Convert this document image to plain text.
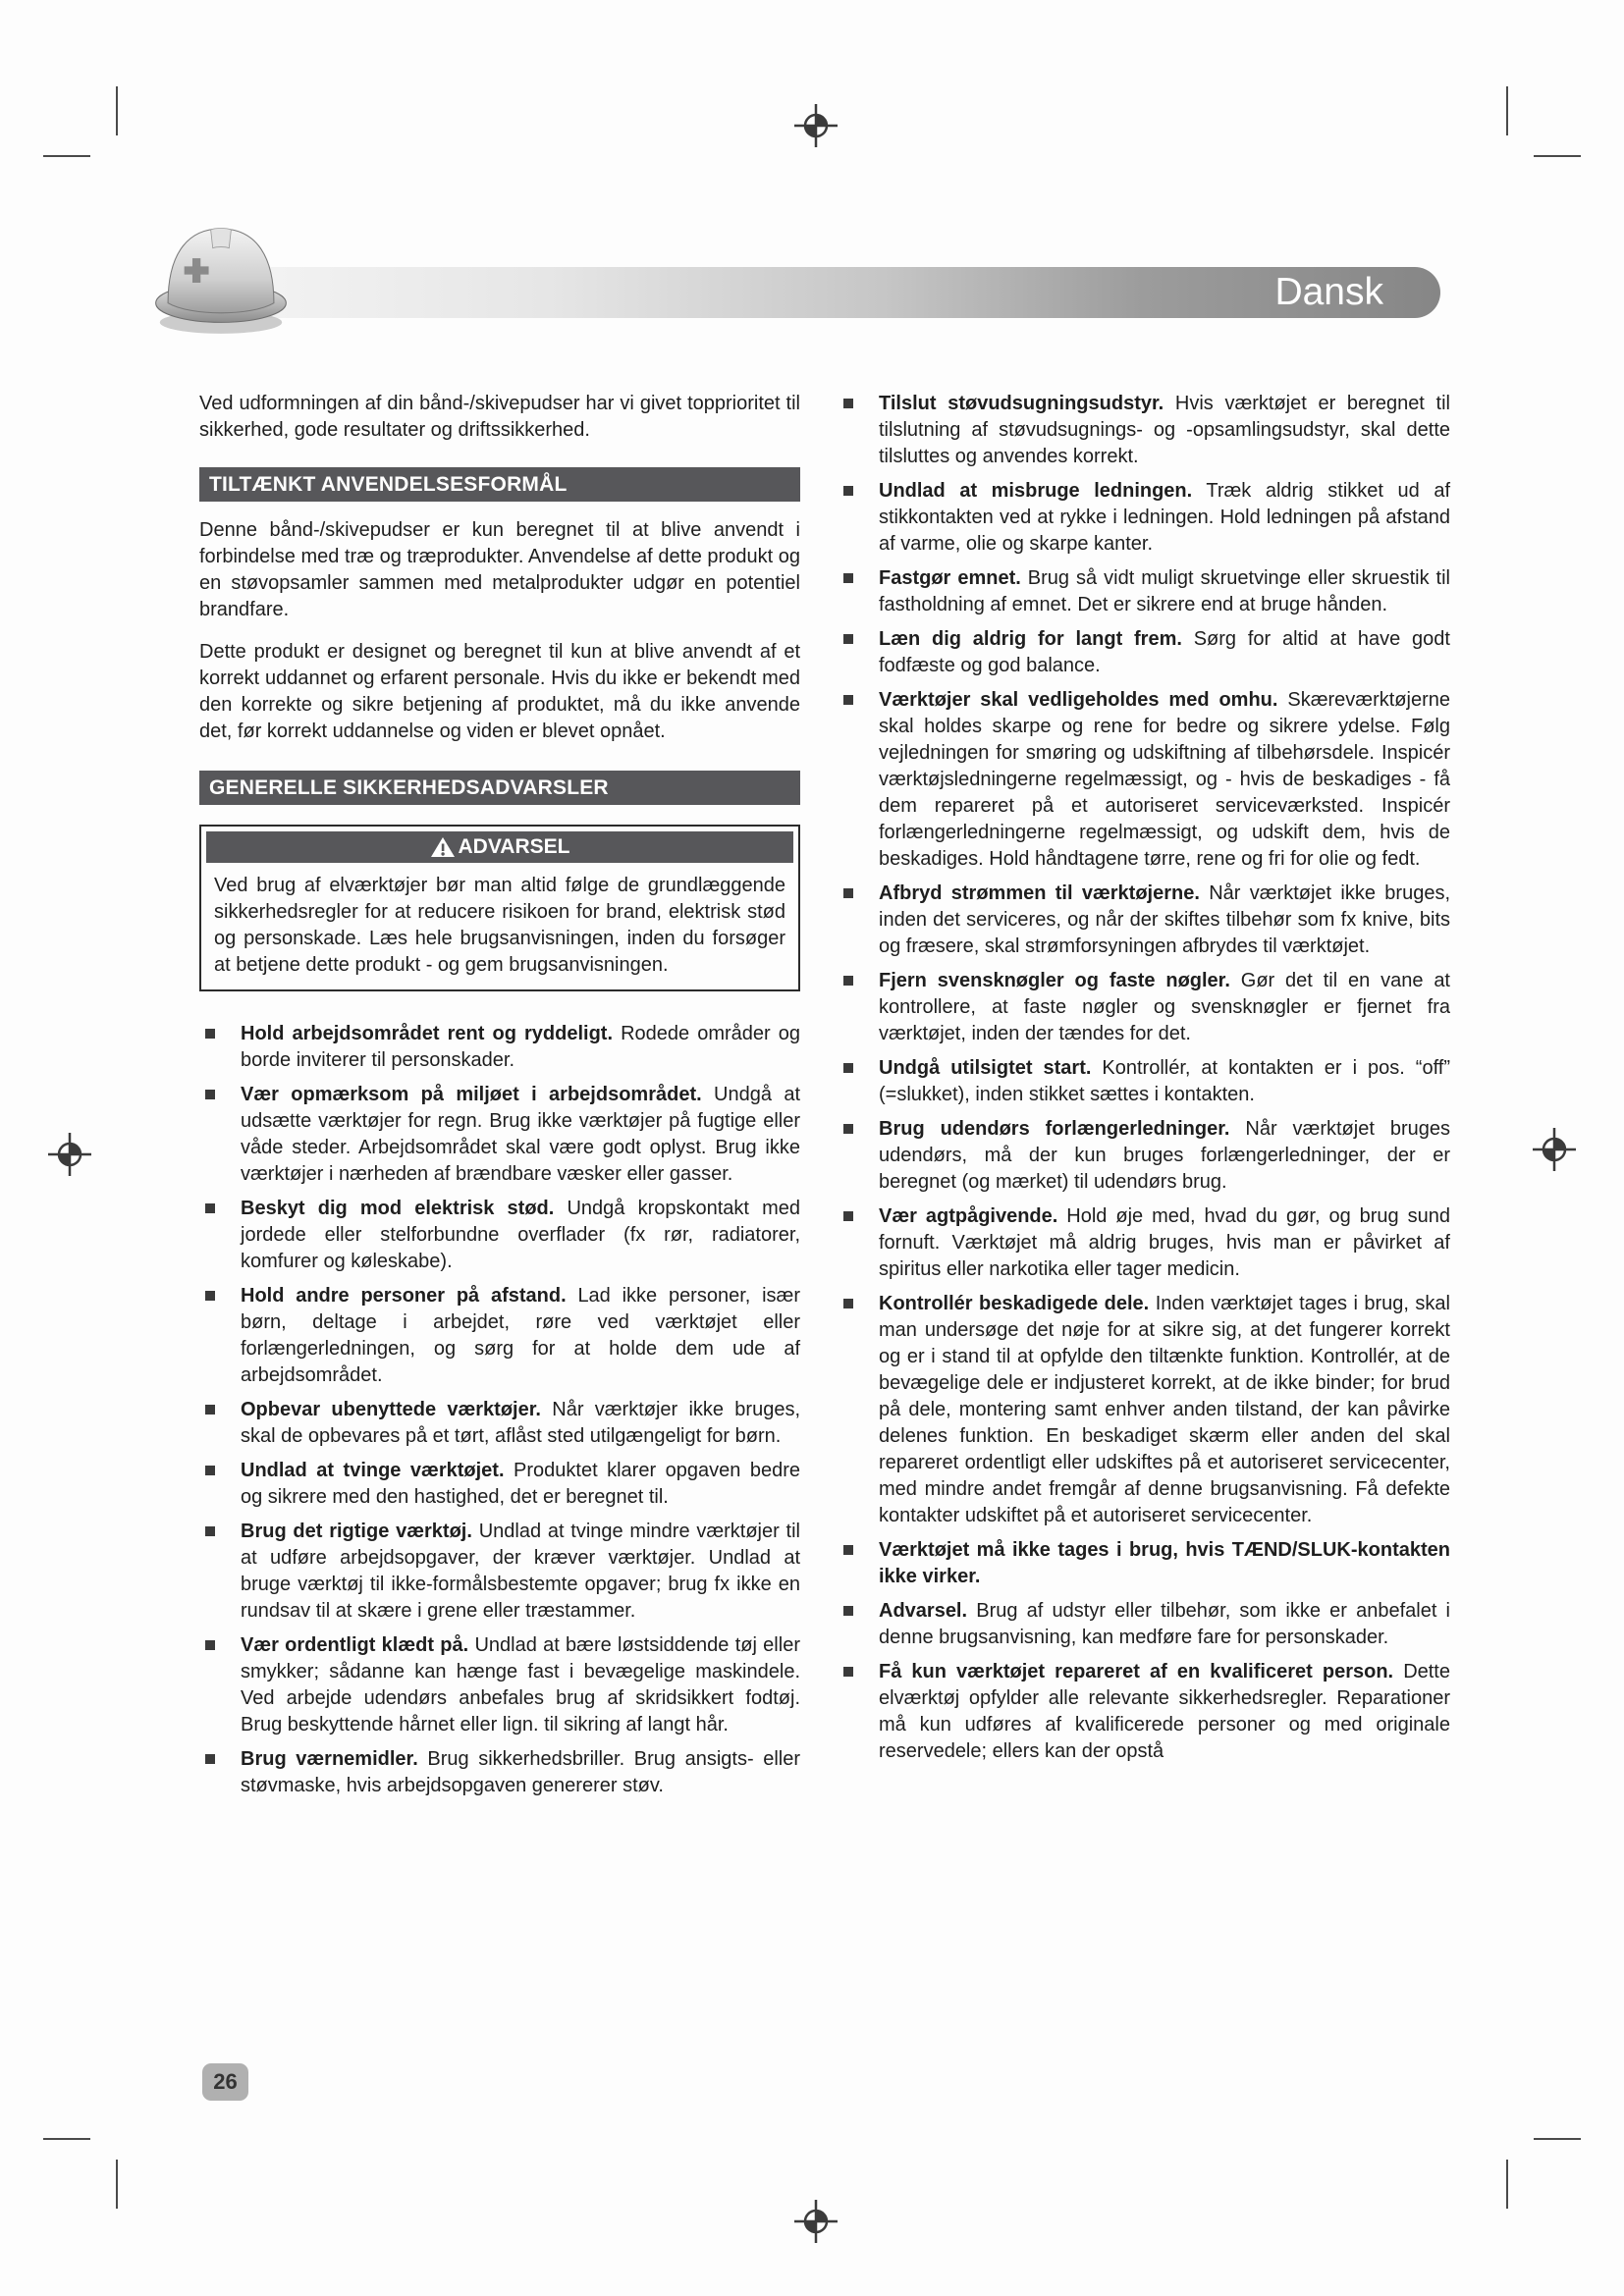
Dansk

Ved udformningen af din bånd-/skivepudser har vi givet topprioritet til sikkerhed, gode resultater og driftssikkerhed.

TILTÆNKT ANVENDELSESFORMÅL

Denne bånd-/skivepudser er kun beregnet til at blive anvendt i forbindelse med træ og træprodukter. Anvendelse af dette produkt og en støvopsamler sammen med metalprodukter udgør en potentiel brandfare.

Dette produkt er designet og beregnet til kun at blive anvendt af et korrekt uddannet og erfarent personale. Hvis du ikke er bekendt med den korrekte og sikre betjening af produktet, må du ikke anvende det, før korrekt uddannelse og viden er blevet opnået.

GENERELLE SIKKERHEDSADVARSLER
ADVARSEL
Ved brug af elværktøjer bør man altid følge de grundlæggende sikkerhedsregler for at reducere risikoen for brand, elektrisk stød og personskade. Læs hele brugsanvisningen, inden du forsøger at betjene dette produkt - og gem brugsanvisningen.
Hold arbejdsområdet rent og ryddeligt. Rodede områder og borde inviterer til personskader.
Vær opmærksom på miljøet i arbejdsområdet. Undgå at udsætte værktøjer for regn. Brug ikke værktøjer på fugtige eller våde steder. Arbejdsområdet skal være godt oplyst. Brug ikke værktøjer i nærheden af brændbare væsker eller gasser.
Beskyt dig mod elektrisk stød. Undgå kropskontakt med jordede eller stelforbundne overflader (fx rør, radiatorer, komfurer og køleskabe).
Hold andre personer på afstand. Lad ikke personer, især børn, deltage i arbejdet, røre ved værktøjet eller forlængerledningen, og sørg for at holde dem ude af arbejdsområdet.
Opbevar ubenyttede værktøjer. Når værktøjer ikke bruges, skal de opbevares på et tørt, aflåst sted utilgængeligt for børn.
Undlad at tvinge værktøjet. Produktet klarer opgaven bedre og sikrere med den hastighed, det er beregnet til.
Brug det rigtige værktøj. Undlad at tvinge mindre værktøjer til at udføre arbejdsopgaver, der kræver værktøjer. Undlad at bruge værktøj til ikke-formålsbestemte opgaver; brug fx ikke en rundsav til at skære i grene eller træstammer.
Vær ordentligt klædt på. Undlad at bære løstsiddende tøj eller smykker; sådanne kan hænge fast i bevægelige maskindele. Ved arbejde udendørs anbefales brug af skridsikkert fodtøj. Brug beskyttende hårnet eller lign. til sikring af langt hår.
Brug værnemidler. Brug sikkerhedsbriller. Brug ansigts- eller støvmaske, hvis arbejdsopgaven genererer støv.
Tilslut støvudsugningsudstyr. Hvis værktøjet er beregnet til tilslutning af støvudsugnings- og -opsamlingsudstyr, skal dette tilsluttes og anvendes korrekt.
Undlad at misbruge ledningen. Træk aldrig stikket ud af stikkontakten ved at rykke i ledningen. Hold ledningen på afstand af varme, olie og skarpe kanter.
Fastgør emnet. Brug så vidt muligt skruetvinge eller skruestik til fastholdning af emnet. Det er sikrere end at bruge hånden.
Læn dig aldrig for langt frem. Sørg for altid at have godt fodfæste og god balance.
Værktøjer skal vedligeholdes med omhu. Skæreværktøjerne skal holdes skarpe og rene for bedre og sikrere ydelse. Følg vejledningen for smøring og udskiftning af tilbehørsdele. Inspicér værktøjsledningerne regelmæssigt, og - hvis de beskadiges - få dem repareret på et autoriseret serviceværksted. Inspicér forlængerledningerne regelmæssigt, og udskift dem, hvis de beskadiges. Hold håndtagene tørre, rene og fri for olie og fedt.
Afbryd strømmen til værktøjerne. Når værktøjet ikke bruges, inden det serviceres, og når der skiftes tilbehør som fx knive, bits og fræsere, skal strømforsyningen afbrydes til værktøjet.
Fjern svensknøgler og faste nøgler. Gør det til en vane at kontrollere, at faste nøgler og svensknøgler er fjernet fra værktøjet, inden der tændes for det.
Undgå utilsigtet start. Kontrollér, at kontakten er i pos. “off” (=slukket), inden stikket sættes i kontakten.
Brug udendørs forlængerledninger. Når værktøjet bruges udendørs, må der kun bruges forlængerledninger, der er beregnet (og mærket) til udendørs brug.
Vær agtpågivende. Hold øje med, hvad du gør, og brug sund fornuft. Værktøjet må aldrig bruges, hvis man er påvirket af spiritus eller narkotika eller tager medicin.
Kontrollér beskadigede dele. Inden værktøjet tages i brug, skal man undersøge det nøje for at sikre sig, at det fungerer korrekt og er i stand til at opfylde den tiltænkte funktion. Kontrollér, at de bevægelige dele er indjusteret korrekt, at de ikke binder; for brud på dele, montering samt enhver anden tilstand, der kan påvirke delenes funktion. En beskadiget skærm eller anden del skal repareret ordentligt eller udskiftes på et autoriseret servicecenter, med mindre andet fremgår af denne brugsanvisning. Få defekte kontakter udskiftet på et autoriseret servicecenter.
Værktøjet må ikke tages i brug, hvis TÆND/SLUK-kontakten ikke virker.
Advarsel. Brug af udstyr eller tilbehør, som ikke er anbefalet i denne brugsanvisning, kan medføre fare for personskader.
Få kun værktøjet repareret af en kvalificeret person. Dette elværktøj opfylder alle relevante sikkerhedsregler. Reparationer må kun udføres af kvalificerede personer og med originale reservedele; ellers kan der opstå
26
